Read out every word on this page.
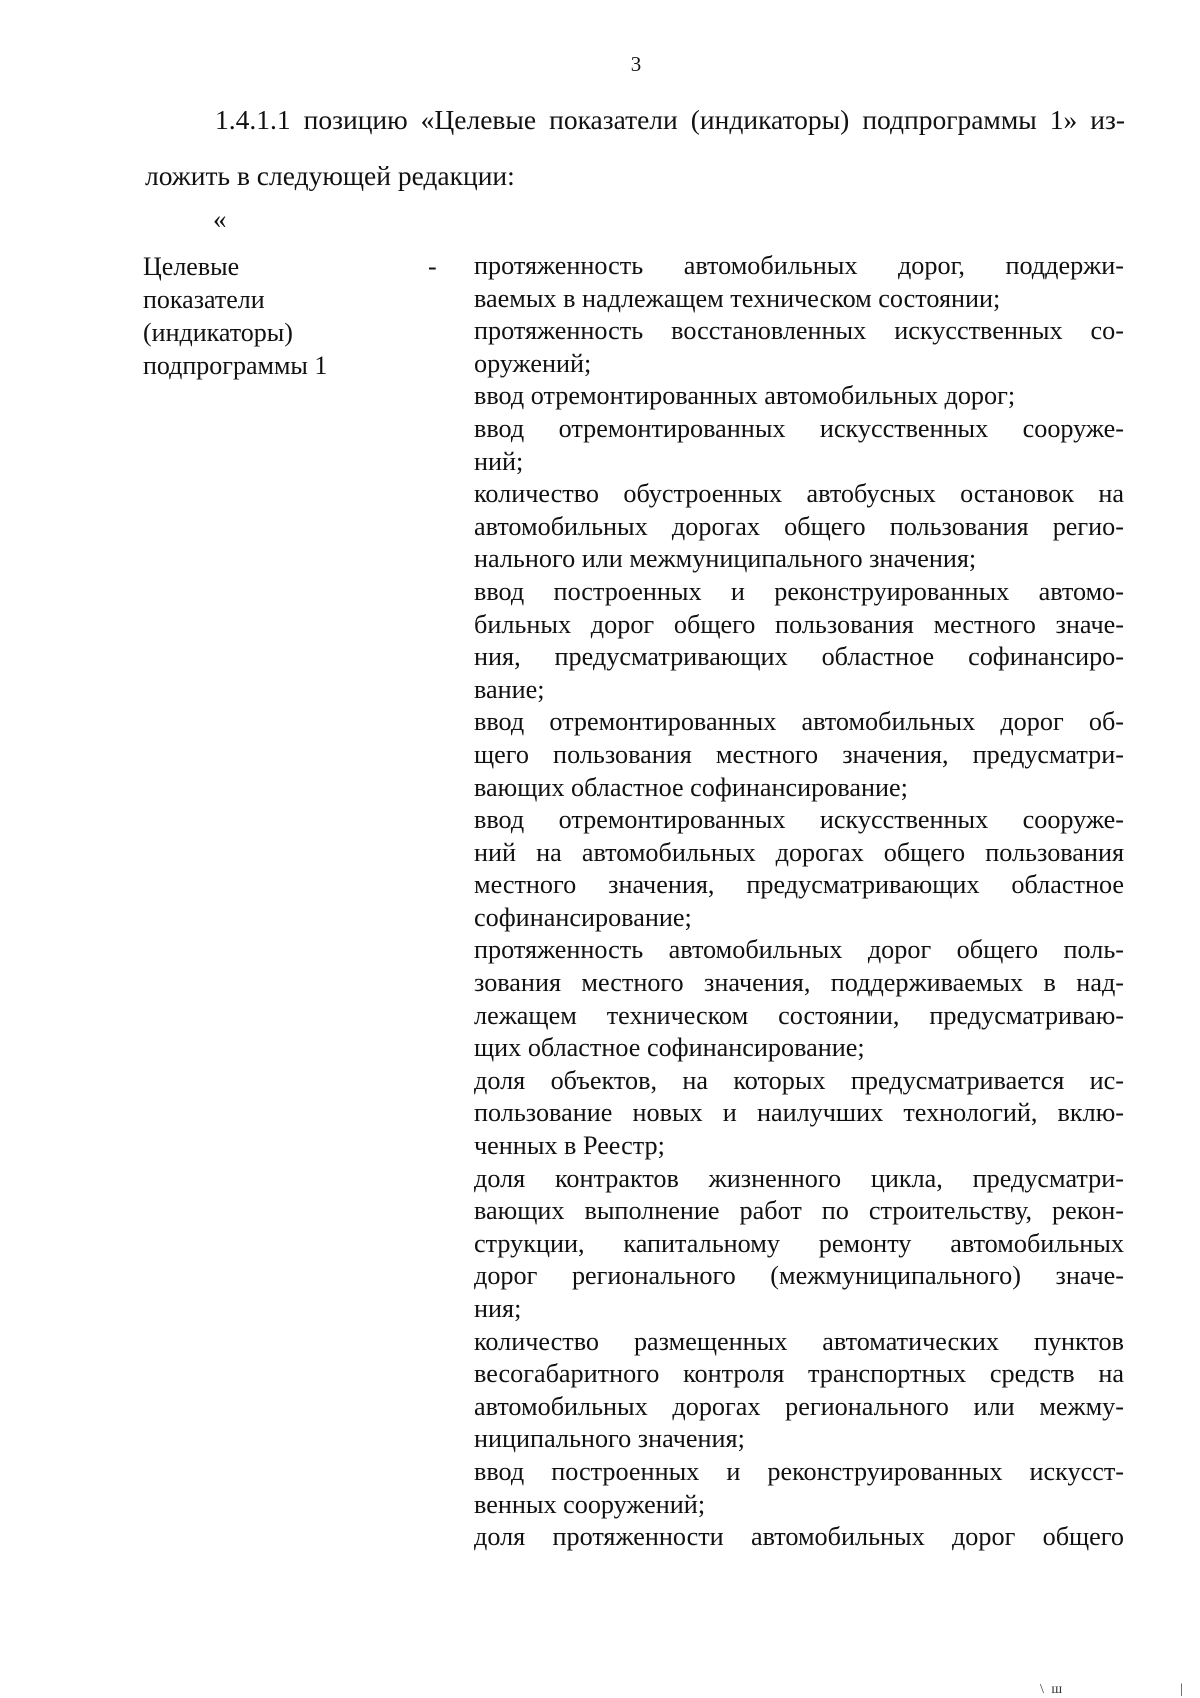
3
1.4.1.1 позицию «Целевые показатели (индикаторы) подпрограммы 1» из-
ложить в следующей редакции:
«
Целевые
показатели
(индикаторы)
подпрограммы 1
- протяженность автомобильных дорог, поддержи-
ваемых в надлежащем техническом состоянии;
протяженность восстановленных искусственных со-
оружений;
ввод отремонтированных автомобильных дорог;
ввод отремонтированных искусственных сооруже-
ний;
количество обустроенных автобусных остановок на
автомобильных дорогах общего пользования регио-
нального или межмуниципального значения;
ввод построенных и реконструированных автомо-
бильных дорог общего пользования местного значе-
ния, предусматривающих областное софинансиро-
вание;
ввод отремонтированных автомобильных дорог об-
щего пользования местного значения, предусматри-
вающих областное софинансирование;
ввод отремонтированных искусственных сооруже-
ний на автомобильных дорогах общего пользования
местного значения, предусматривающих областное
софинансирование;
протяженность автомобильных дорог общего поль-
зования местного значения, поддерживаемых в над-
лежащем техническом состоянии, предусматриваю-
щих областное софинансирование;
доля объектов, на которых предусматривается ис-
пользование новых и наилучших технологий, вклю-
ченных в Реестр;
доля контрактов жизненного цикла, предусматри-
вающих выполнение работ по строительству, рекон-
струкции, капитальному ремонту автомобильных
дорог регионального (межмуниципального) значе-
ния;
количество размещенных автоматических пунктов
весогабаритного контроля транспортных средств на
автомобильных дорогах регионального или межму-
ниципального значения;
ввод построенных и реконструированных искусст-
венных сооружений;
доля протяженности автомобильных дорог общего
\ ш	|
